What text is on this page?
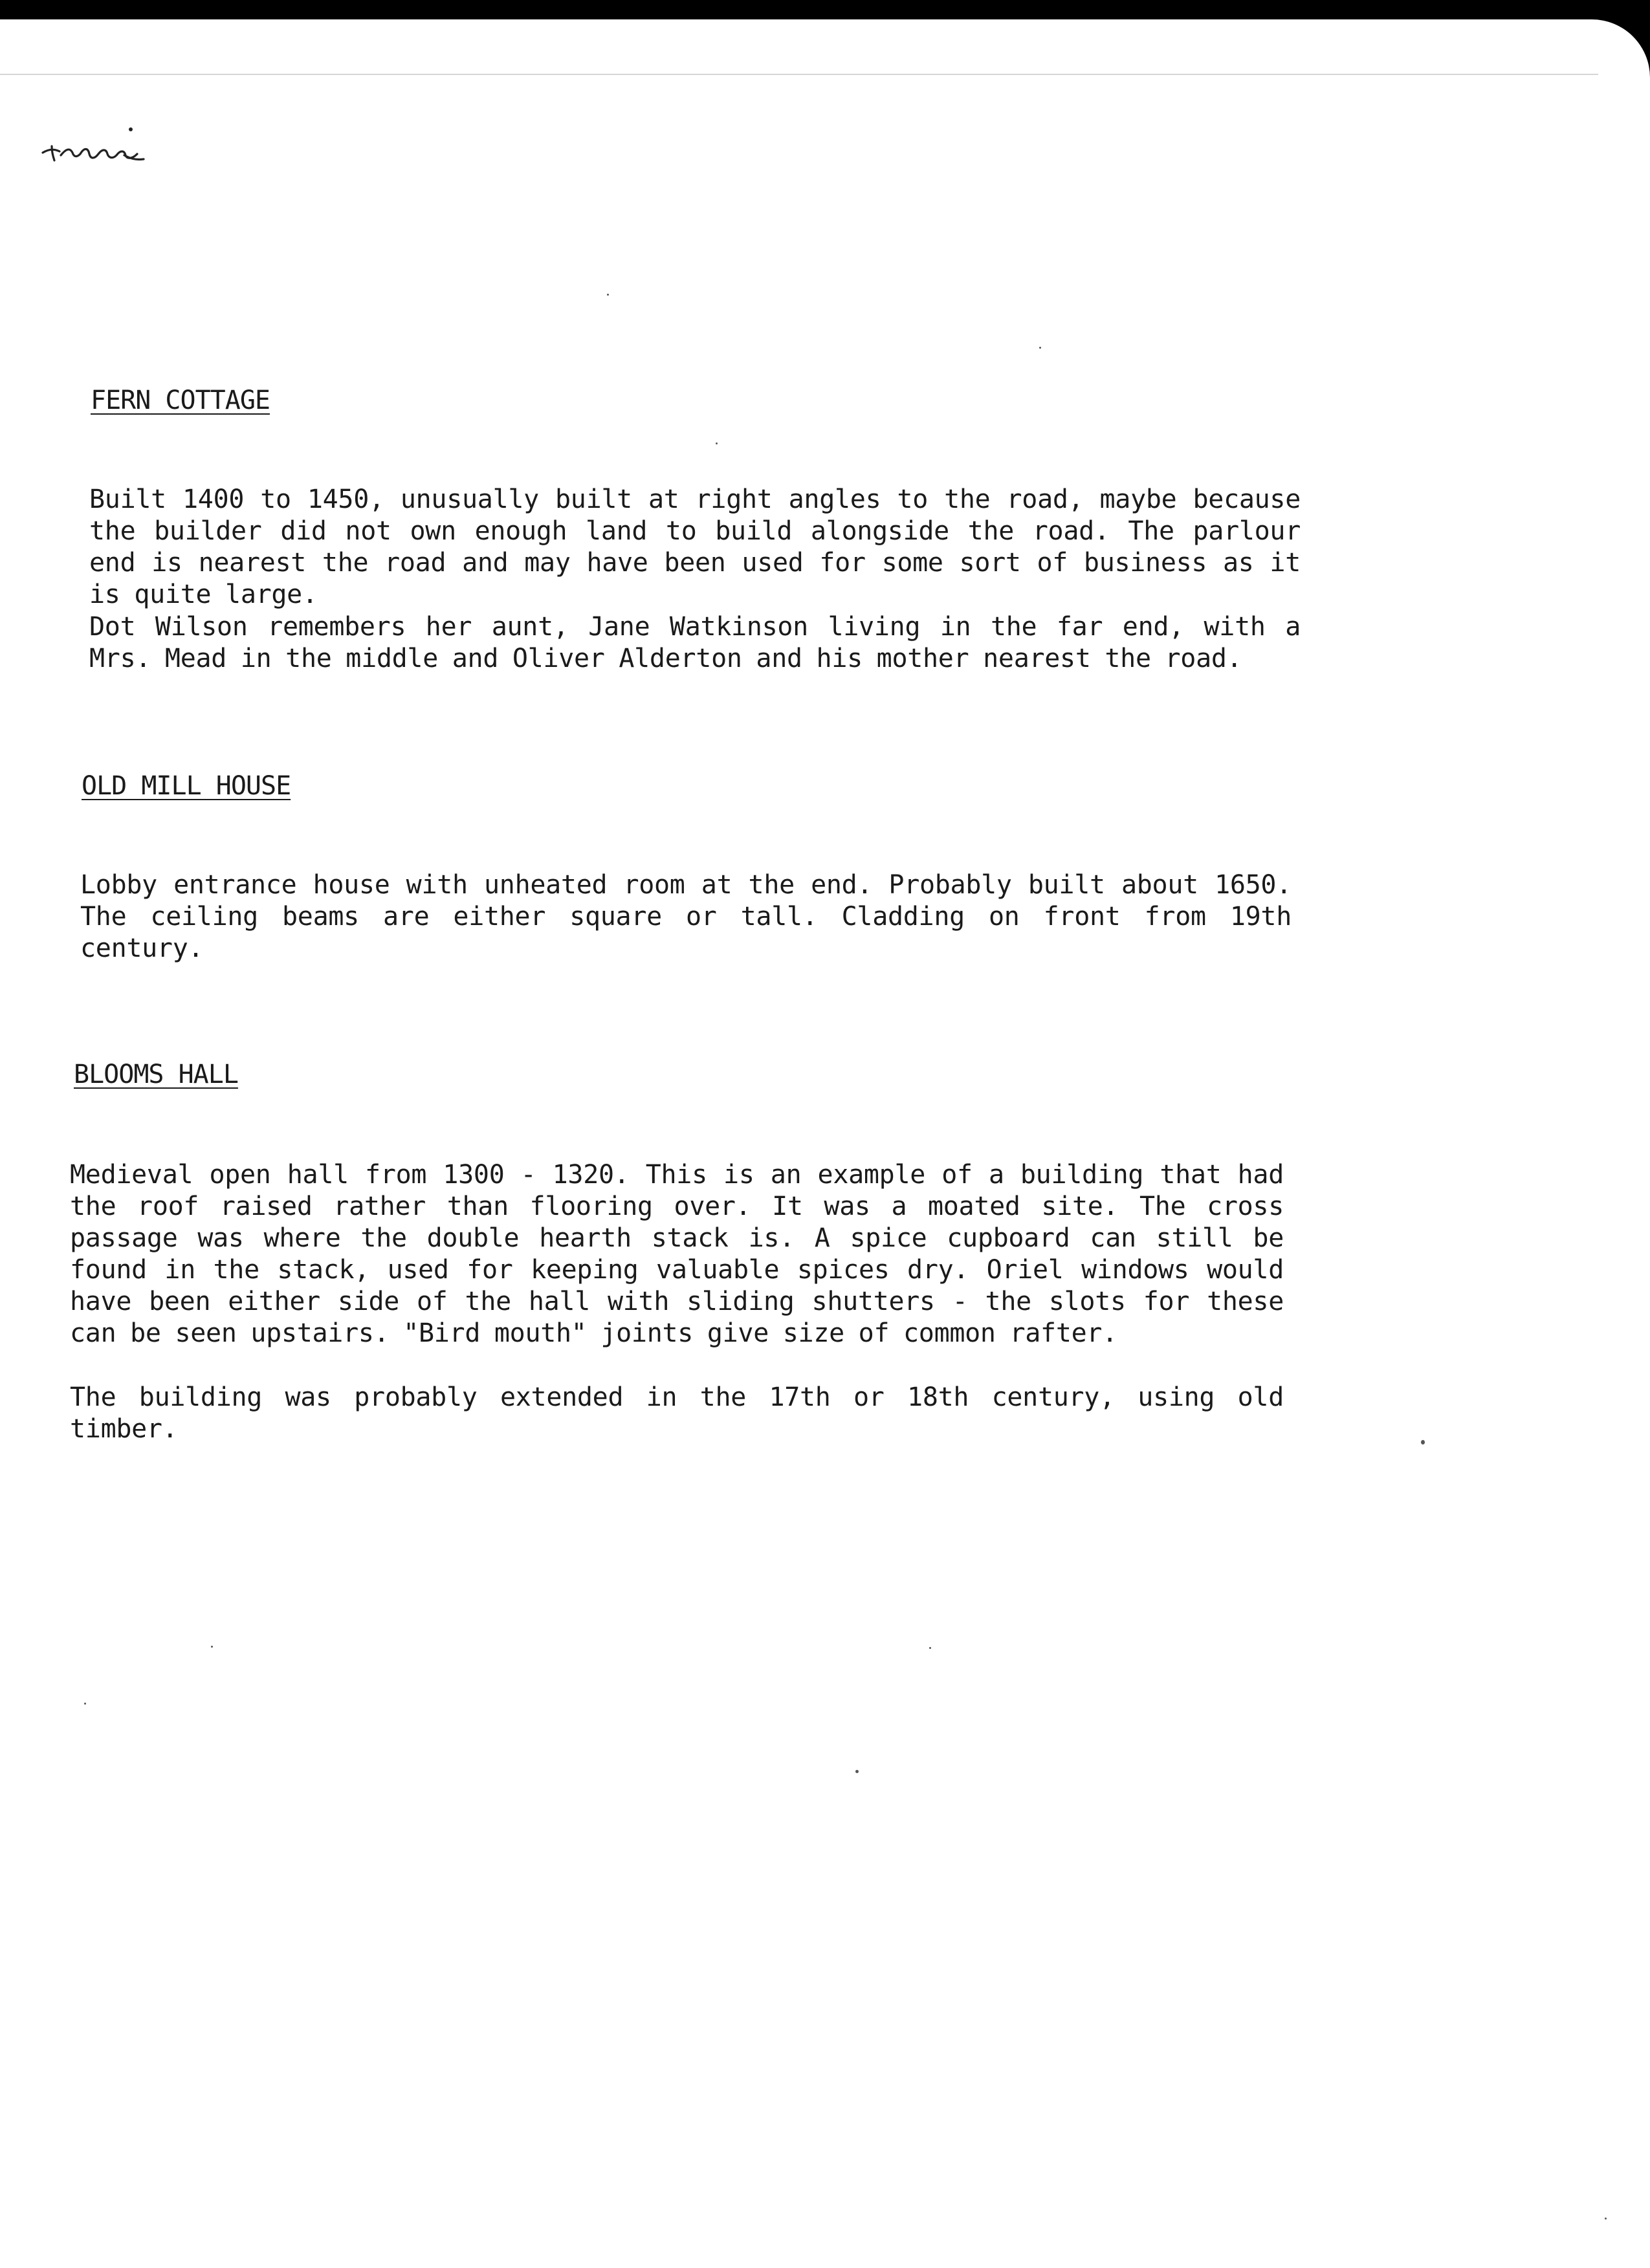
FERN COTTAGE
Built 1400 to 1450, unusually built at right angles to the road, maybe because the builder did not own enough land to build alongside the road. The parlour end is nearest the road and may have been used for some sort of business as it is quite large.
Dot Wilson remembers her aunt, Jane Watkinson living in the far end, with a Mrs. Mead in the middle and Oliver Alderton and his mother nearest the road.
OLD MILL HOUSE
Lobby entrance house with unheated room at the end. Probably built about 1650. The ceiling beams are either square or tall. Cladding on front from 19th century.
BLOOMS HALL
Medieval open hall from 1300 - 1320. This is an example of a building that had the roof raised rather than flooring over. It was a moated site. The cross passage was where the double hearth stack is. A spice cupboard can still be found in the stack, used for keeping valuable spices dry. Oriel windows would have been either side of the hall with sliding shutters - the slots for these can be seen upstairs. "Bird mouth" joints give size of common rafter.
The building was probably extended in the 17th or 18th century, using old timber.
